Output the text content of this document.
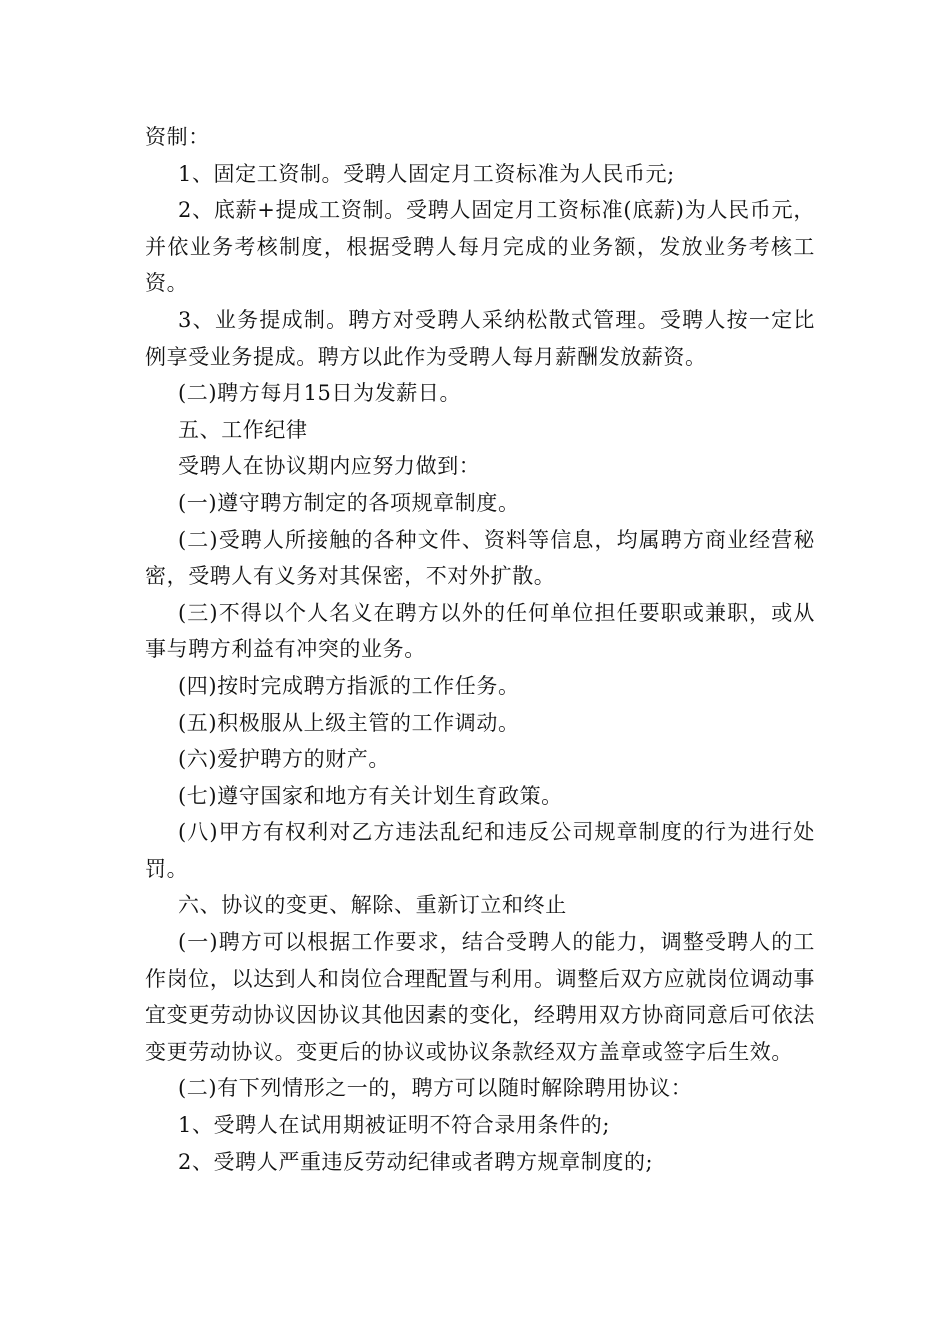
资制：

1、固定工资制。受聘人固定月工资标准为人民币元;

2、底薪+提成工资制。受聘人固定月工资标准(底薪)为人民币元，并依业务考核制度，根据受聘人每月完成的业务额，发放业务考核工资。

3、业务提成制。聘方对受聘人采纳松散式管理。受聘人按一定比例享受业务提成。聘方以此作为受聘人每月薪酬发放薪资。

(二)聘方每月15日为发薪日。

五、工作纪律

受聘人在协议期内应努力做到：

(一)遵守聘方制定的各项规章制度。

(二)受聘人所接触的各种文件、资料等信息，均属聘方商业经营秘密，受聘人有义务对其保密，不对外扩散。

(三)不得以个人名义在聘方以外的任何单位担任要职或兼职，或从事与聘方利益有冲突的业务。

(四)按时完成聘方指派的工作任务。

(五)积极服从上级主管的工作调动。

(六)爱护聘方的财产。

(七)遵守国家和地方有关计划生育政策。

(八)甲方有权利对乙方违法乱纪和违反公司规章制度的行为进行处罚。

六、协议的变更、解除、重新订立和终止

(一)聘方可以根据工作要求，结合受聘人的能力，调整受聘人的工作岗位，以达到人和岗位合理配置与利用。调整后双方应就岗位调动事宜变更劳动协议因协议其他因素的变化，经聘用双方协商同意后可依法变更劳动协议。变更后的协议或协议条款经双方盖章或签字后生效。

(二)有下列情形之一的，聘方可以随时解除聘用协议：

1、受聘人在试用期被证明不符合录用条件的;

2、受聘人严重违反劳动纪律或者聘方规章制度的;
